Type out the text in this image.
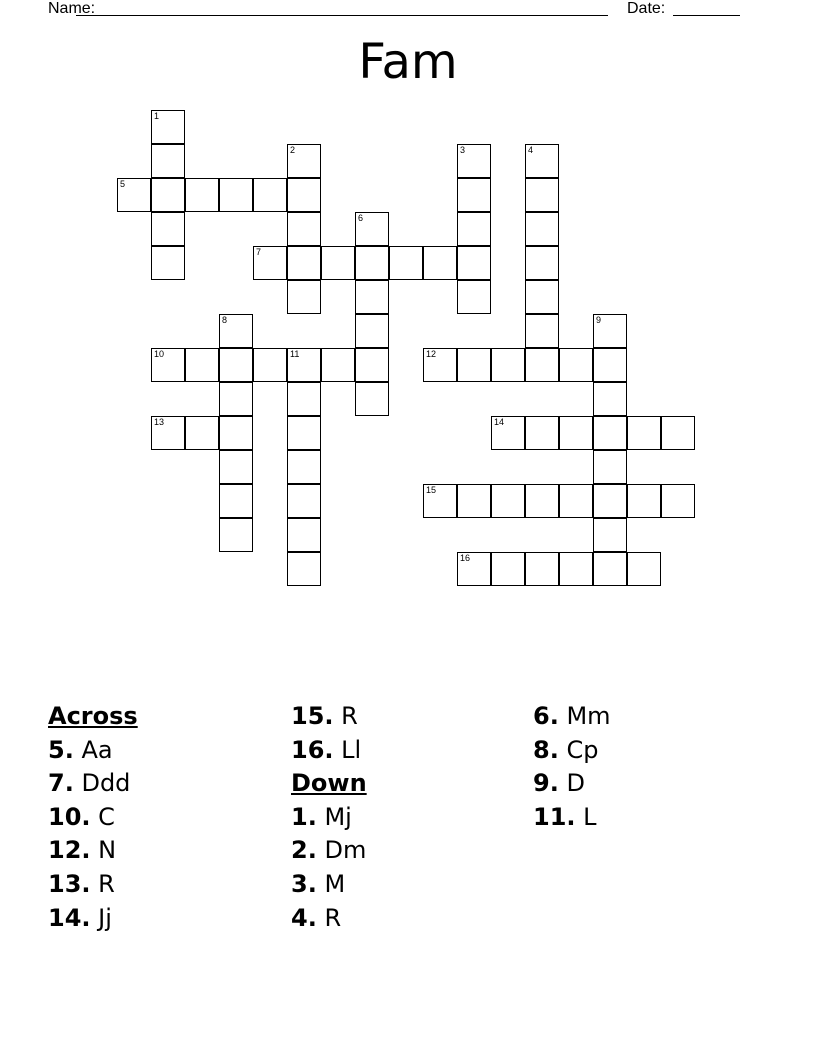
Name:	Date:
Fam
5
7
10	11	12
13	14
15
16
1
2	3	4
6
8	9
Across
5. Aa
7. Ddd
10. C
12. N
13. R
14. Jj
15. R
16. Ll
Down
1. Mj
2. Dm
3. M
4. R
6. Mm
8. Cp
9. D
11. L
